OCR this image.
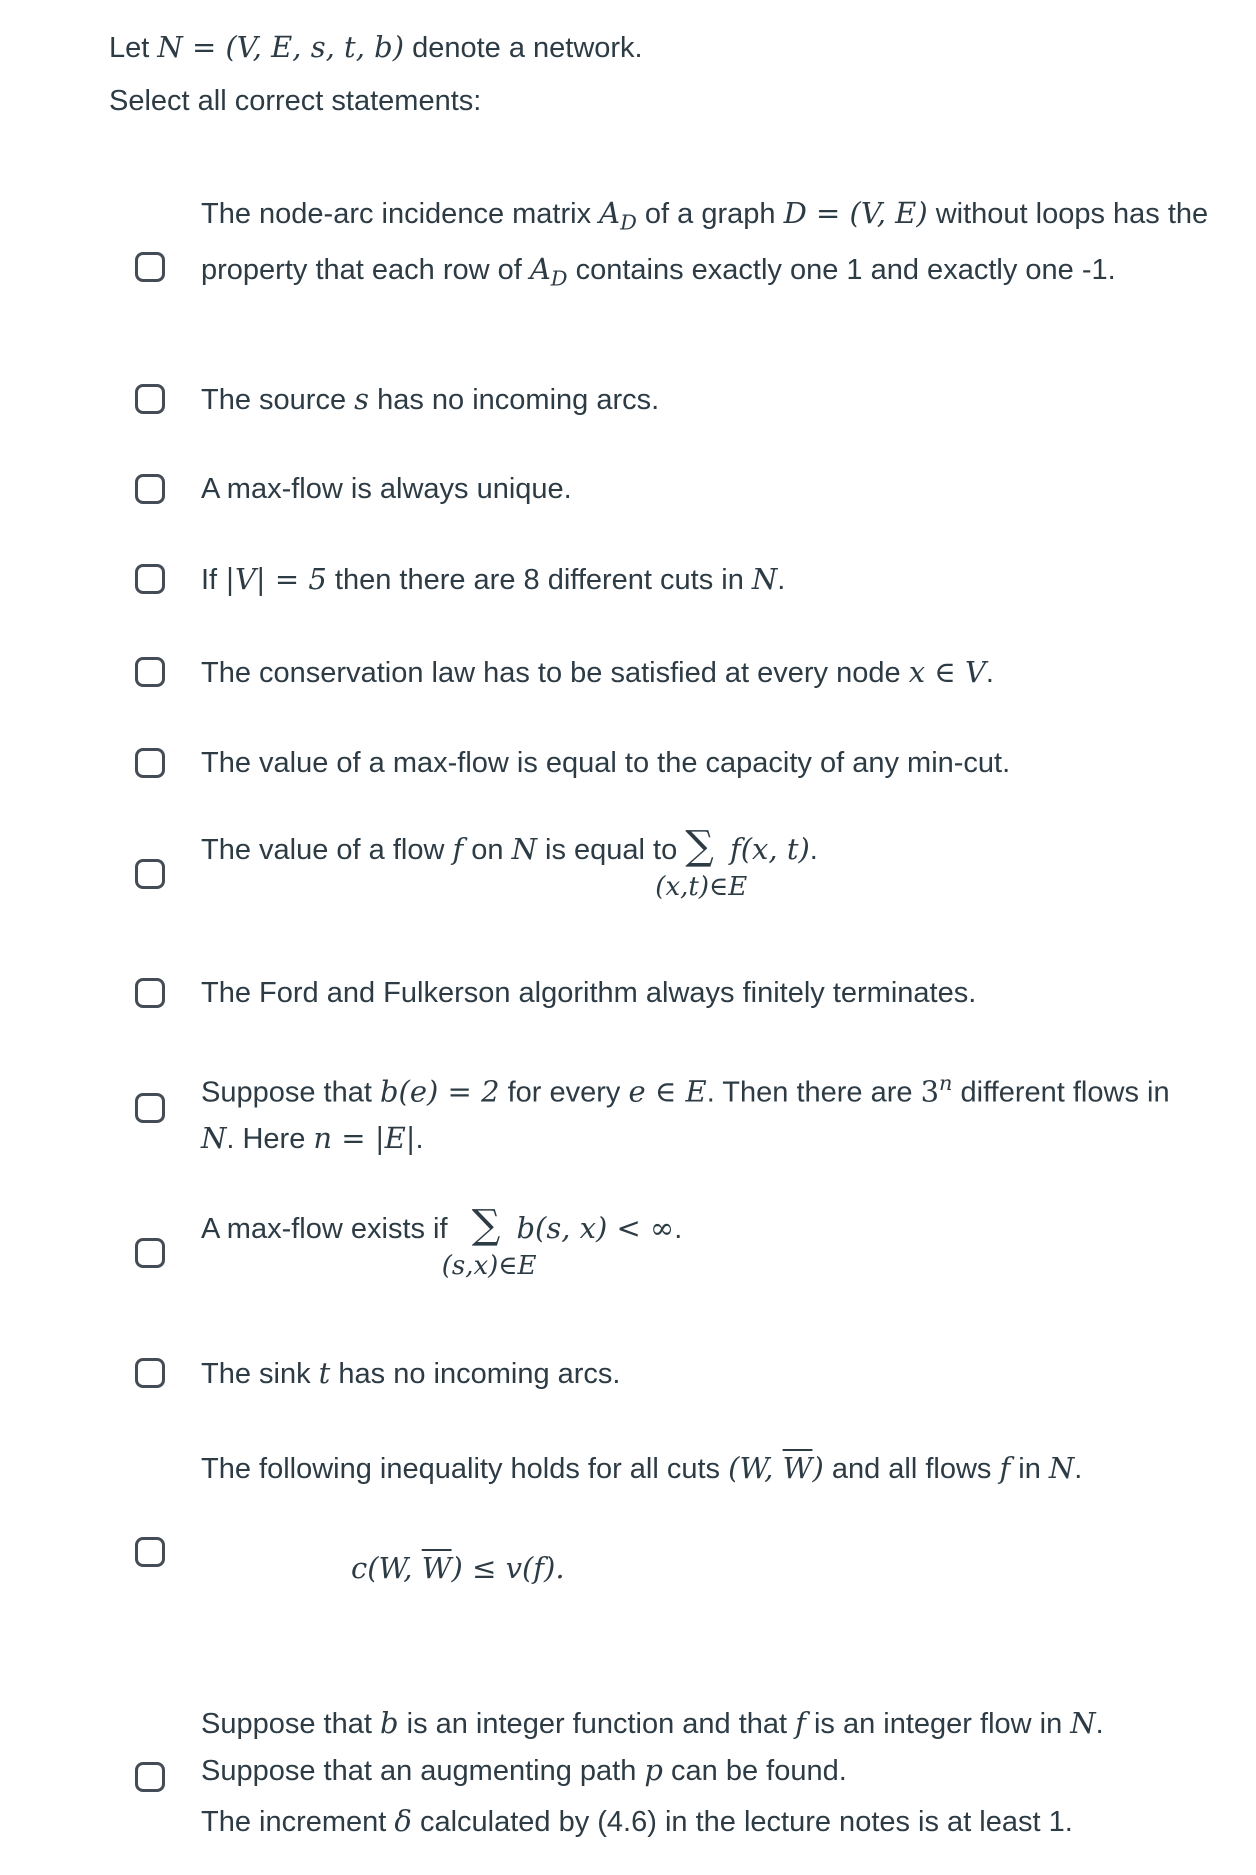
Let N = (V, E, s, t, b) denote a network.
Select all correct statements:
The node-arc incidence matrix $A_D$ of a graph D = (V, E) without loops has the property that each row of $A_D$ contains exactly one 1 and exactly one -1.
The source s has no incoming arcs.
A max-flow is always unique.
If |V| = 5 then there are 8 different cuts in N.
The conservation law has to be satisfied at every node x ∈ V.
The value of a max-flow is equal to the capacity of any min-cut.
The value of a flow f on N is equal to ∑
(x,t)∈E
f(x, t).
The Ford and Fulkerson algorithm always finitely terminates.
Suppose that b(e) = 2 for every e ∈ E. Then there are 3$^n$ different flows in N. Here n = |E|.
A max-flow exists if   ∑
(s,x)∈E
b(s, x) < ∞.
The sink t has no incoming arcs.
The following inequality holds for all cuts (W, $\overline{W}$) and all flows f in N.
c(W, $\overline{W}) \le v(f)$.

Suppose that b is an integer function and that f is an integer flow in N. Suppose that an augmenting path p can be found.

The increment δ calculated by (4.6) in the lecture notes is at least 1.
